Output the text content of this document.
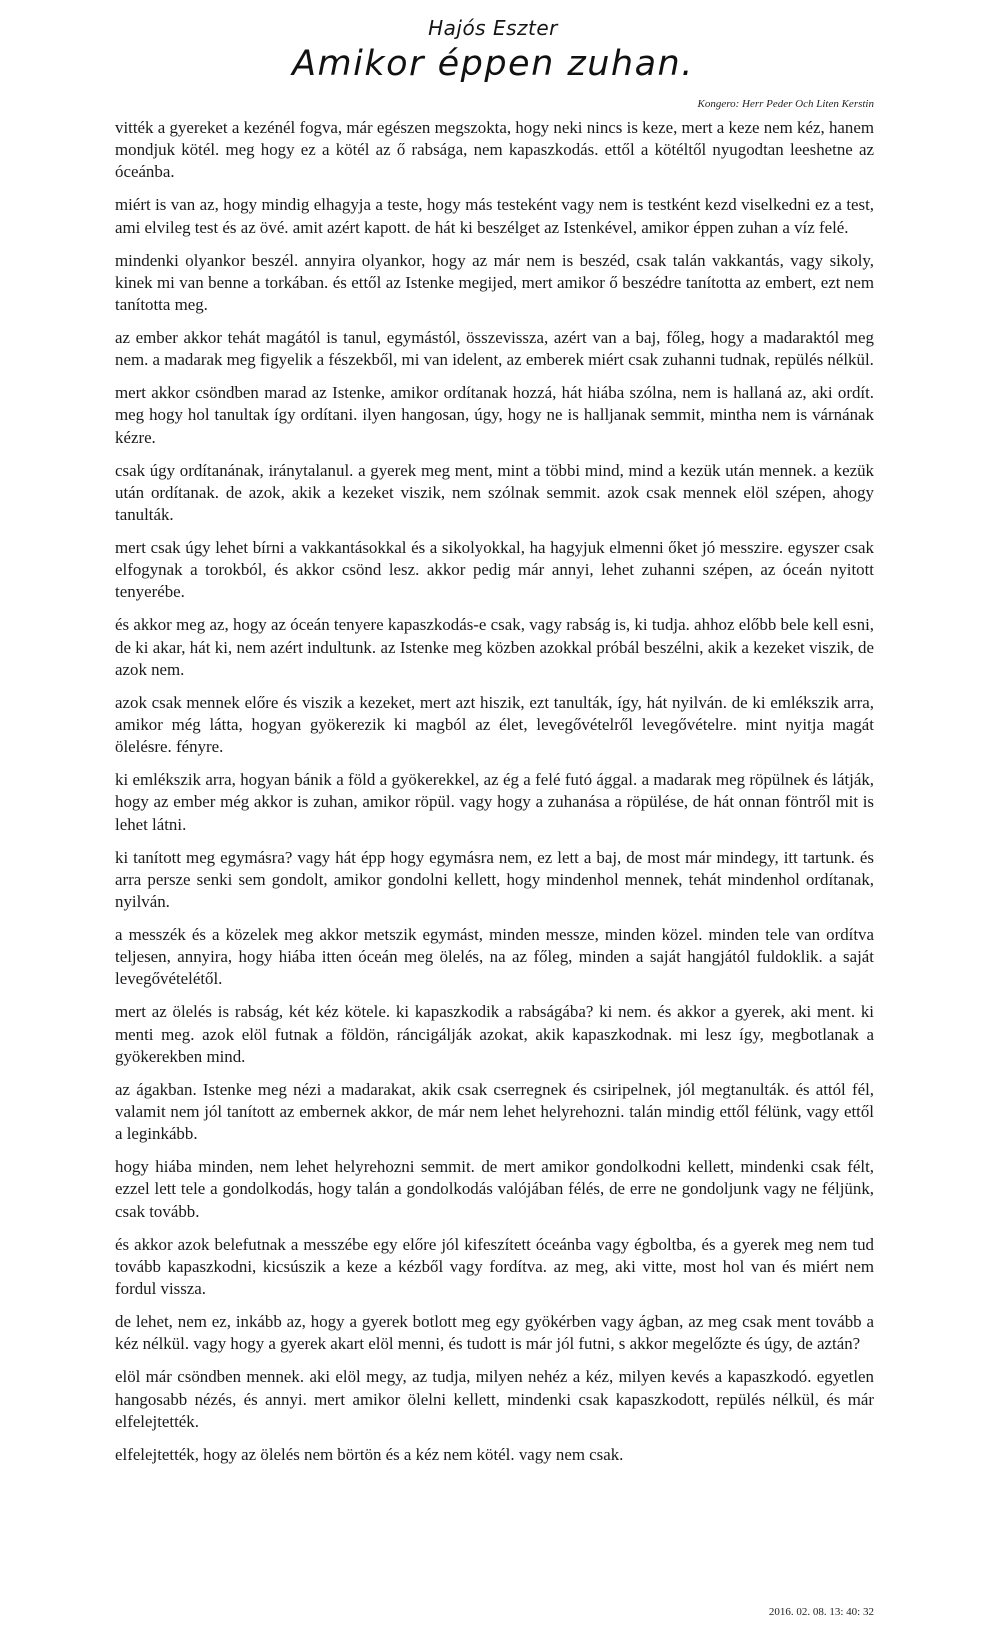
Hajós Eszter
Amikor éppen zuhan.
Kongero: Herr Peder Och Liten Kerstin

vitték a gyereket a kezénél fogva, már egészen megszokta, hogy neki nincs is keze, mert a keze nem kéz, hanem mondjuk kötél. meg hogy ez a kötél az ő rabsága, nem kapaszkodás. ettől a kötéltől nyugodtan leeshetne az óceánba.

miért is van az, hogy mindig elhagyja a teste, hogy más testeként vagy nem is testként kezd viselkedni ez a test, ami elvileg test és az övé. amit azért kapott. de hát ki beszélget az Istenkével, amikor éppen zuhan a víz felé.

mindenki olyankor beszél. annyira olyankor, hogy az már nem is beszéd, csak talán vakkantás, vagy sikoly, kinek mi van benne a torkában. és ettől az Istenke megijed, mert amikor ő beszédre tanította az embert, ezt nem tanította meg.

az ember akkor tehát magától is tanul, egymástól, összevissza, azért van a baj, főleg, hogy a madaraktól meg nem. a madarak meg figyelik a fészekből, mi van idelent, az emberek miért csak zuhanni tudnak, repülés nélkül.

mert akkor csöndben marad az Istenke, amikor ordítanak hozzá, hát hiába szólna, nem is hallaná az, aki ordít. meg hogy hol tanultak így ordítani. ilyen hangosan, úgy, hogy ne is halljanak semmit, mintha nem is várnának kézre.

csak úgy ordítanának, iránytalanul. a gyerek meg ment, mint a többi mind, mind a kezük után mennek. a kezük után ordítanak. de azok, akik a kezeket viszik, nem szólnak semmit. azok csak mennek elöl szépen, ahogy tanulták.

mert csak úgy lehet bírni a vakkantásokkal és a sikolyokkal, ha hagyjuk elmenni őket jó messzire. egyszer csak elfogynak a torokból, és akkor csönd lesz. akkor pedig már annyi, lehet zuhanni szépen, az óceán nyitott tenyerébe.

és akkor meg az, hogy az óceán tenyere kapaszkodás-e csak, vagy rabság is, ki tudja. ahhoz előbb bele kell esni, de ki akar, hát ki, nem azért indultunk. az Istenke meg közben azokkal próbál beszélni, akik a kezeket viszik, de azok nem.

azok csak mennek előre és viszik a kezeket, mert azt hiszik, ezt tanulták, így, hát nyilván. de ki emlékszik arra, amikor még látta, hogyan gyökerezik ki magból az élet, levegővételről levegővételre. mint nyitja magát ölelésre. fényre.

ki emlékszik arra, hogyan bánik a föld a gyökerekkel, az ég a felé futó ággal. a madarak meg röpülnek és látják, hogy az ember még akkor is zuhan, amikor röpül. vagy hogy a zuhanása a röpülése, de hát onnan föntről mit is lehet látni.

ki tanított meg egymásra? vagy hát épp hogy egymásra nem, ez lett a baj, de most már mindegy, itt tartunk. és arra persze senki sem gondolt, amikor gondolni kellett, hogy mindenhol mennek, tehát mindenhol ordítanak, nyilván.

a messzék és a közelek meg akkor metszik egymást, minden messze, minden közel. minden tele van ordítva teljesen, annyira, hogy hiába itten óceán meg ölelés, na az főleg, minden a saját hangjától fuldoklik. a saját levegővételétől.

mert az ölelés is rabság, két kéz kötele. ki kapaszkodik a rabságába? ki nem. és akkor a gyerek, aki ment. ki menti meg. azok elöl futnak a földön, ráncigálják azokat, akik kapaszkodnak. mi lesz így, megbotlanak a gyökerekben mind.

az ágakban. Istenke meg nézi a madarakat, akik csak cserregnek és csiripelnek, jól megtanulták. és attól fél, valamit nem jól tanított az embernek akkor, de már nem lehet helyrehozni. talán mindig ettől félünk, vagy ettől a leginkább.

hogy hiába minden, nem lehet helyrehozni semmit. de mert amikor gondolkodni kellett, mindenki csak félt, ezzel lett tele a gondolkodás, hogy talán a gondolkodás valójában félés, de erre ne gondoljunk vagy ne féljünk, csak tovább.

és akkor azok belefutnak a messzébe egy előre jól kifeszített óceánba vagy égboltba, és a gyerek meg nem tud tovább kapaszkodni, kicsúszik a keze a kézből vagy fordítva. az meg, aki vitte, most hol van és miért nem fordul vissza.

de lehet, nem ez, inkább az, hogy a gyerek botlott meg egy gyökérben vagy ágban, az meg csak ment tovább a kéz nélkül. vagy hogy a gyerek akart elöl menni, és tudott is már jól futni, s akkor megelőzte és úgy, de aztán?

elöl már csöndben mennek. aki elöl megy, az tudja, milyen nehéz a kéz, milyen kevés a kapaszkodó. egyetlen hangosabb nézés, és annyi. mert amikor ölelni kellett, mindenki csak kapaszkodott, repülés nélkül, és már elfelejtették.

elfelejtették, hogy az ölelés nem börtön és a kéz nem kötél. vagy nem csak.

2016. 02. 08. 13: 40: 32
